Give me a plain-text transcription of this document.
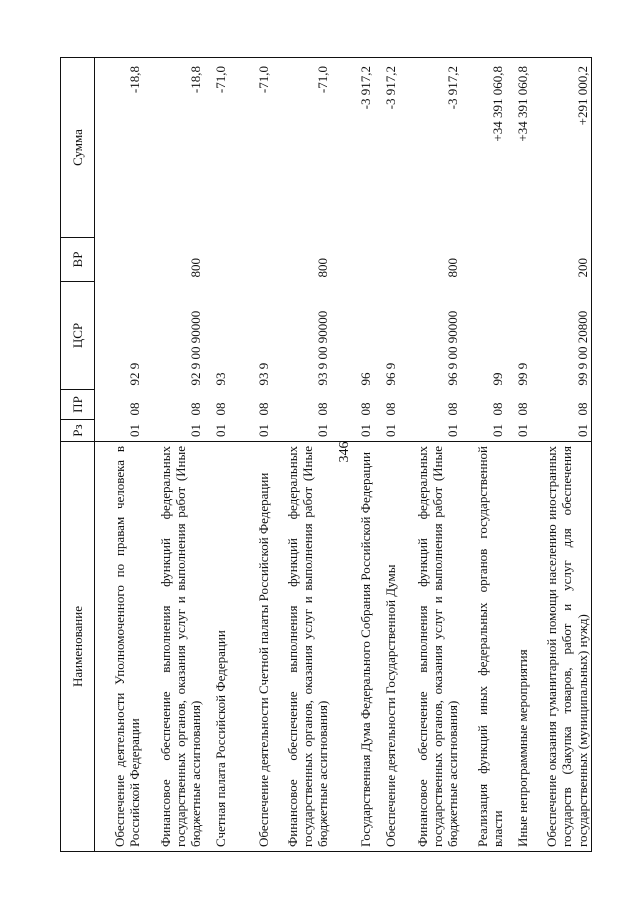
346
Наименование	Рз	ПР	ЦСР	ВР	Сумма
Обеспечение деятельности Уполномоченного по правам человека в Российской Федерации	01	08	92 9		-18,8
Финансовое обеспечение выполнения функций федеральных государственных органов, оказания услуг и выполнения работ (Иные бюджетные ассигнования)	01	08	92 9 00 90000	800	-18,8
Счетная палата Российской Федерации	01	08	93		-71,0
Обеспечение деятельности Счетной палаты Российской Федерации	01	08	93 9		-71,0
Финансовое обеспечение выполнения функций федеральных государственных органов, оказания услуг и выполнения работ (Иные бюджетные ассигнования)	01	08	93 9 00 90000	800	-71,0
Государственная Дума Федерального Собрания Российской Федерации	01	08	96		-3 917,2
Обеспечение деятельности Государственной Думы	01	08	96 9		-3 917,2
Финансовое обеспечение выполнения функций федеральных государственных органов, оказания услуг и выполнения работ (Иные бюджетные ассигнования)	01	08	96 9 00 90000	800	-3 917,2
Реализация функций иных федеральных органов государственной власти	01	08	99		+34 391 060,8
Иные непрограммные мероприятия	01	08	99 9		+34 391 060,8
Обеспечение оказания гуманитарной помощи населению иностранных государств (Закупка товаров, работ и услуг для обеспечения государственных (муниципальных) нужд)	01	08	99 9 00 20800	200	+291 000,2
